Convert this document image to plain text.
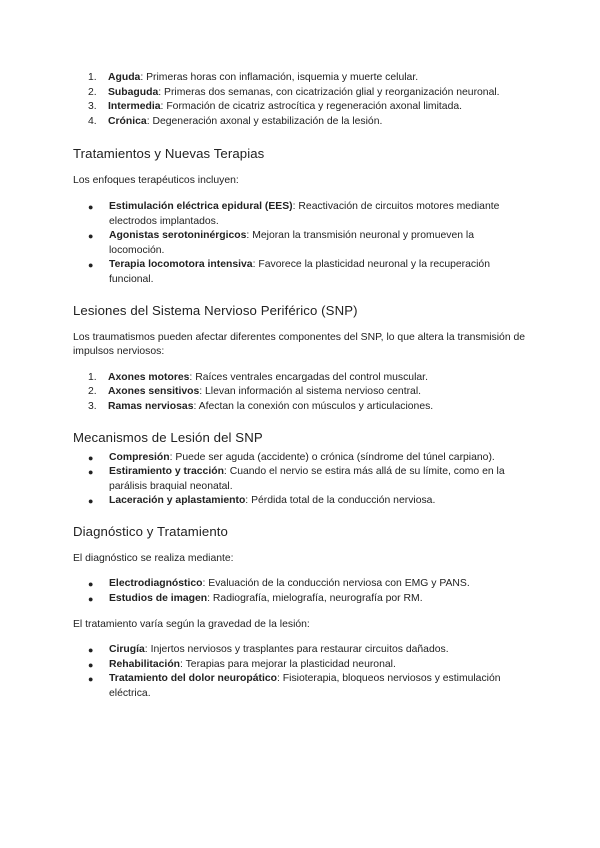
1. Aguda: Primeras horas con inflamación, isquemia y muerte celular.
2. Subaguda: Primeras dos semanas, con cicatrización glial y reorganización neuronal.
3. Intermedia: Formación de cicatriz astrocítica y regeneración axonal limitada.
4. Crónica: Degeneración axonal y estabilización de la lesión.
Tratamientos y Nuevas Terapias

Los enfoques terapéuticos incluyen:

● Estimulación eléctrica epidural (EES): Reactivación de circuitos motores mediante electrodos implantados.
● Agonistas serotoninérgicos: Mejoran la transmisión neuronal y promueven la locomoción.
● Terapia locomotora intensiva: Favorece la plasticidad neuronal y la recuperación funcional.
Lesiones del Sistema Nervioso Periférico (SNP)

Los traumatismos pueden afectar diferentes componentes del SNP, lo que altera la transmisión de impulsos nerviosos:

1. Axones motores: Raíces ventrales encargadas del control muscular.
2. Axones sensitivos: Llevan información al sistema nervioso central.
3. Ramas nerviosas: Afectan la conexión con músculos y articulaciones.
Mecanismos de Lesión del SNP
● Compresión: Puede ser aguda (accidente) o crónica (síndrome del túnel carpiano).
● Estiramiento y tracción: Cuando el nervio se estira más allá de su límite, como en la parálisis braquial neonatal.
● Laceración y aplastamiento: Pérdida total de la conducción nerviosa.
Diagnóstico y Tratamiento

El diagnóstico se realiza mediante:

● Electrodiagnóstico: Evaluación de la conducción nerviosa con EMG y PANS.
● Estudios de imagen: Radiografía, mielografía, neurografía por RM.

El tratamiento varía según la gravedad de la lesión:

● Cirugía: Injertos nerviosos y trasplantes para restaurar circuitos dañados.
● Rehabilitación: Terapias para mejorar la plasticidad neuronal.
● Tratamiento del dolor neuropático: Fisioterapia, bloqueos nerviosos y estimulación eléctrica.
